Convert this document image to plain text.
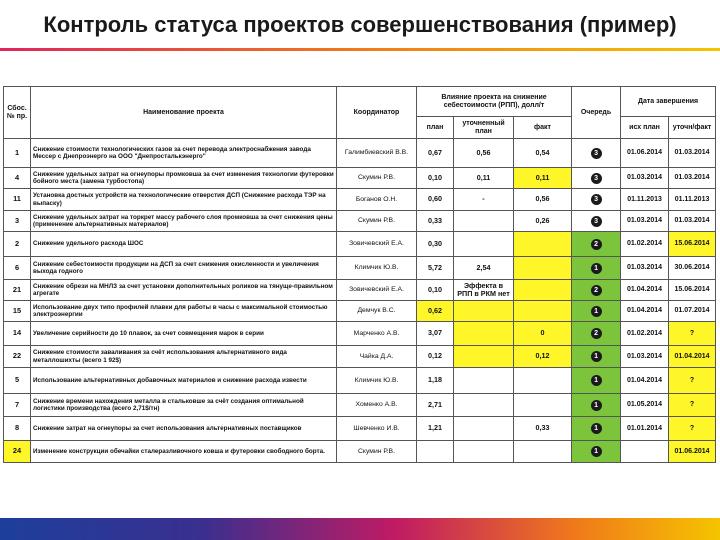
Контроль статуса проектов совершенствования (пример)
Сбос. № пр.	Наименование проекта	Координатор	Влияние проекта на снижение себестоимости (РПП), долл/т			Очередь	Дата завершения	
			план	уточненный план	факт		исх план	уточн/факт
1	Снижение стоимости технологических газов за счет перевода электроснабжения завода Мессер с Днепроэнерго на ООО "Днепросталькэнерго"	Галимбиевский В.В.	0,67	0,56	0,54	3	01.06.2014	01.03.2014
4	Снижение удельных затрат на огнеупоры промковша за счет изменения технологии футеровки бойного места (замена турбостопа)	Скумин Р.В.	0,10	0,11	0,11	3	01.03.2014	01.03.2014
11	Установка достных устройств на технологические отверстия ДСП (Снижение расхода ТЭР на выпаску)	Боганов О.Н.	0,60	-	0,56	3	01.11.2013	01.11.2013
3	Снижение удельных затрат на торкрет массу рабочего слоя промковша за счет снижения цены (применение альтернативных материалов)	Скумин Р.В.	0,33		0,26	3	01.03.2014	01.03.2014
2	Снижение удельного расхода ШОС	Зовичевский Е.А.	0,30			2	01.02.2014	15.06.2014
6	Снижение себестоимости продукции на ДСП за счет снижения окисленности и увеличения выхода годного	Климчик Ю.В.	5,72	2,54		1	01.03.2014	30.06.2014
21	Снижение обрези на МНЛЗ за счет установки дополнительных роликов на тянуще-правильном агрегате	Зовичевский Е.А.	0,10	Эффекта в РПП в РКМ нет		2	01.04.2014	15.06.2014
15	Использование двух типо профилей плавки для работы в часы с максимальной стоимостью электроэнергии	Демчук В.С.	0,62			1	01.04.2014	01.07.2014
14	Увеличение серийности до 10 плавок, за счет совмещения марок в серии	Марченко А.В.	3,07		0	2	01.02.2014	?
22	Снижение стоимости заваливания за счёт использования альтернативного вида металлошихты (всего 1 92$)	Чайка Д.А.	0,12		0,12	1	01.03.2014	01.04.2014
5	Использование альтернативных добавочных материалов и снижение расхода извести	Климчик Ю.В.	1,18			1	01.04.2014	?
7	Снижение времени нахождения металла в стальковше за счёт создания оптимальной логистики производства (всего 2,71$/тн)	Хоменко А.В.	2,71			1	01.05.2014	?
8	Снижение затрат на огнеупоры за счет использования альтернативных поставщиков	Шевченко И.В.	1,21		0,33	1	01.01.2014	?
24	Изменение конструкции обечайки сталеразливочного ковша и футеровки свободного борта.	Скумин Р.В.				1		01.06.2014
